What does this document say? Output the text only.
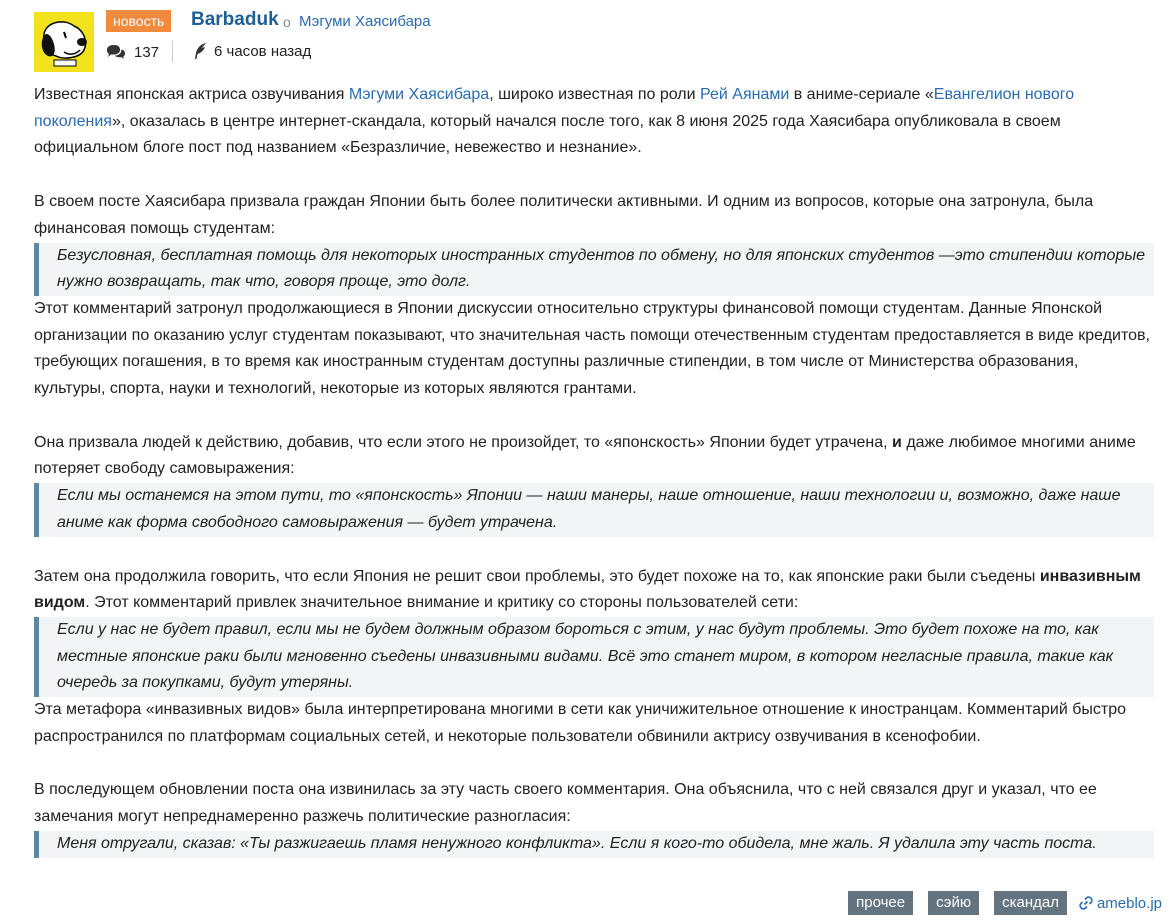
новость	Barbaduk о Мэгуми Хаясибара
137	6 часов назад

Известная японская актриса озвучивания Мэгуми Хаясибара, широко известная по роли Рей Аянами в аниме-сериале «Евангелион нового поколения», оказалась в центре интернет-скандала, который начался после того, как 8 июня 2025 года Хаясибара опубликовала в своем официальном блоге пост под названием «Безразличие, невежество и незнание».

В своем посте Хаясибара призвала граждан Японии быть более политически активными. И одним из вопросов, которые она затронула, была финансовая помощь студентам:

Безусловная, бесплатная помощь для некоторых иностранных студентов по обмену, но для японских студентов —это стипендии которые нужно возвращать, так что, говоря проще, это долг.

Этот комментарий затронул продолжающиеся в Японии дискуссии относительно структуры финансовой помощи студентам. Данные Японской организации по оказанию услуг студентам показывают, что значительная часть помощи отечественным студентам предоставляется в виде кредитов, требующих погашения, в то время как иностранным студентам доступны различные стипендии, в том числе от Министерства образования, культуры, спорта, науки и технологий, некоторые из которых являются грантами.

Она призвала людей к действию, добавив, что если этого не произойдет, то «японскость» Японии будет утрачена, и даже любимое многими аниме потеряет свободу самовыражения:

Если мы останемся на этом пути, то «японскость» Японии — наши манеры, наше отношение, наши технологии и, возможно, даже наше аниме как форма свободного самовыражения — будет утрачена.

Затем она продолжила говорить, что если Япония не решит свои проблемы, это будет похоже на то, как японские раки были съедены инвазивным видом. Этот комментарий привлек значительное внимание и критику со стороны пользователей сети:

Если у нас не будет правил, если мы не будем должным образом бороться с этим, у нас будут проблемы. Это будет похоже на то, как местные японские раки были мгновенно съедены инвазивными видами. Всё это станет миром, в котором негласные правила, такие как очередь за покупками, будут утеряны.

Эта метафора «инвазивных видов» была интерпретирована многими в сети как уничижительное отношение к иностранцам. Комментарий быстро распространился по платформам социальных сетей, и некоторые пользователи обвинили актрису озвучивания в ксенофобии.

В последующем обновлении поста она извинилась за эту часть своего комментария. Она объяснила, что с ней связался друг и указал, что ее замечания могут непреднамеренно разжечь политические разногласия:

Меня отругали, сказав: «Ты разжигаешь пламя ненужного конфликта». Если я кого-то обидела, мне жаль. Я удалила эту часть поста.
прочее	сэйю	скандал	ameblo.jp
